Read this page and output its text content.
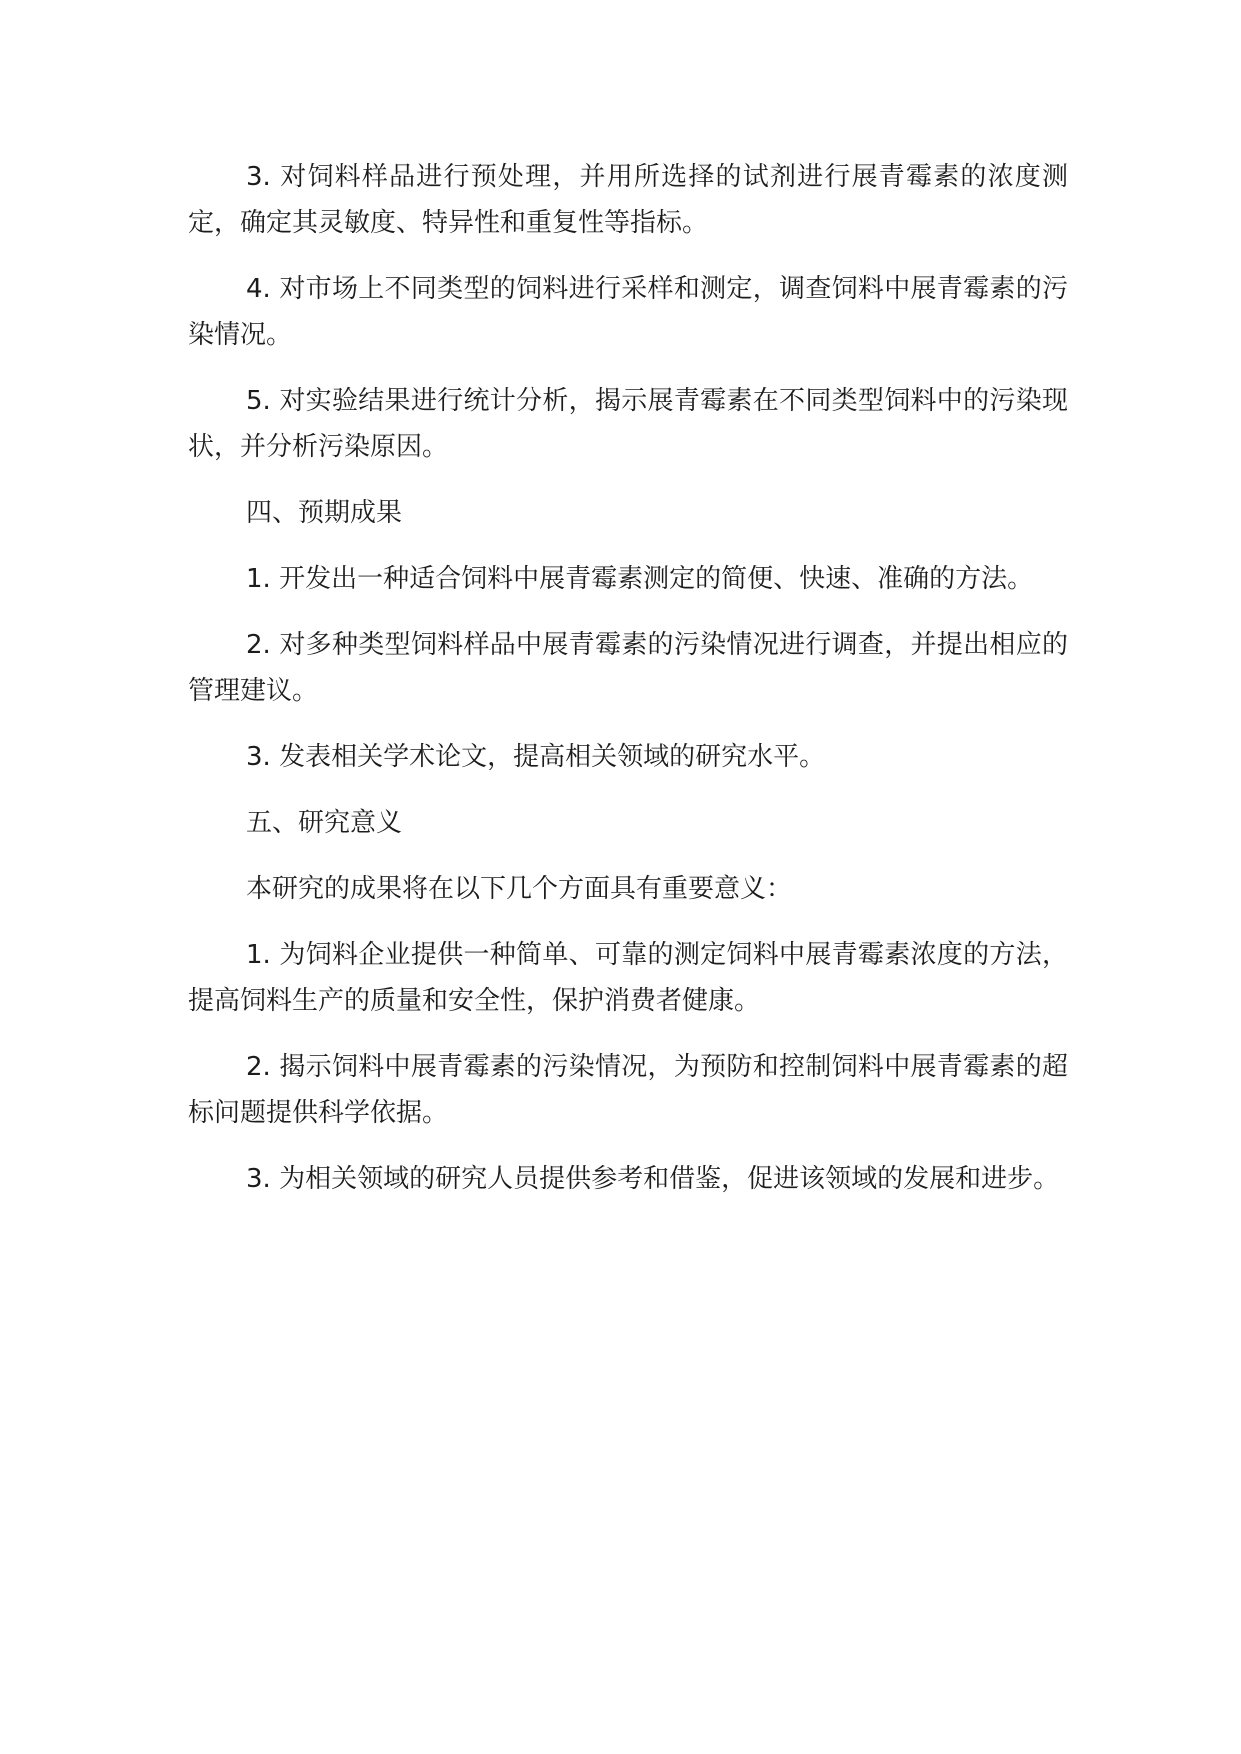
3. 对饲料样品进行预处理，并用所选择的试剂进行展青霉素的浓度测定，确定其灵敏度、特异性和重复性等指标。

4. 对市场上不同类型的饲料进行采样和测定，调查饲料中展青霉素的污染情况。

5. 对实验结果进行统计分析，揭示展青霉素在不同类型饲料中的污染现状，并分析污染原因。

四、预期成果

1. 开发出一种适合饲料中展青霉素测定的简便、快速、准确的方法。

2. 对多种类型饲料样品中展青霉素的污染情况进行调查，并提出相应的管理建议。

3. 发表相关学术论文，提高相关领域的研究水平。

五、研究意义

本研究的成果将在以下几个方面具有重要意义：

1. 为饲料企业提供一种简单、可靠的测定饲料中展青霉素浓度的方法，提高饲料生产的质量和安全性，保护消费者健康。

2. 揭示饲料中展青霉素的污染情况，为预防和控制饲料中展青霉素的超标问题提供科学依据。

3. 为相关领域的研究人员提供参考和借鉴，促进该领域的发展和进步。
